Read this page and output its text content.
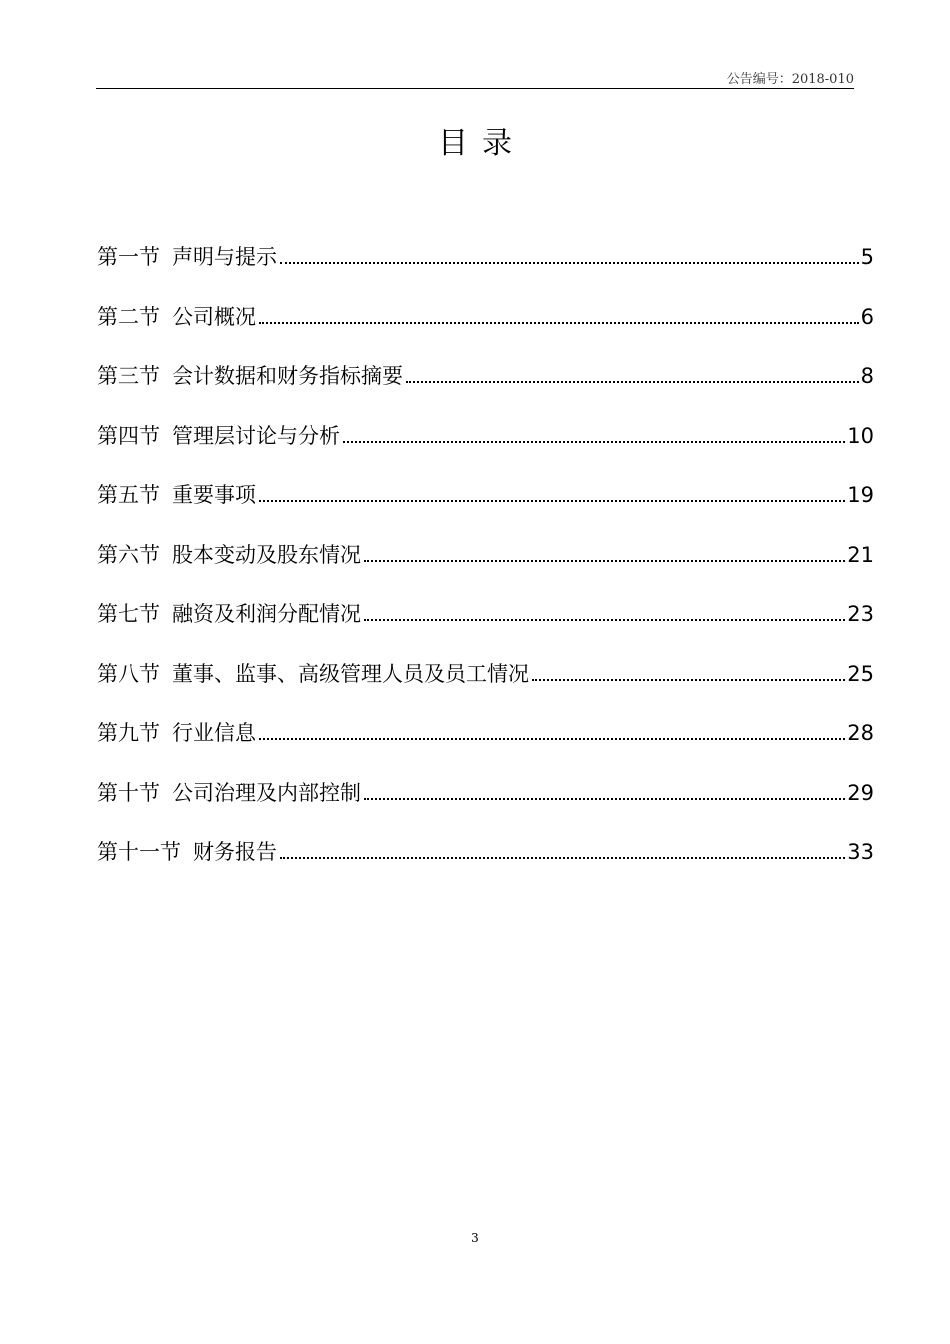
公告编号：2018-010
目录
第一节 声明与提示	5
第二节 公司概况	6
第三节 会计数据和财务指标摘要	8
第四节 管理层讨论与分析	10
第五节 重要事项	19
第六节 股本变动及股东情况	21
第七节 融资及利润分配情况	23
第八节 董事、监事、高级管理人员及员工情况	25
第九节 行业信息	28
第十节 公司治理及内部控制	29
第十一节 财务报告	33
3
